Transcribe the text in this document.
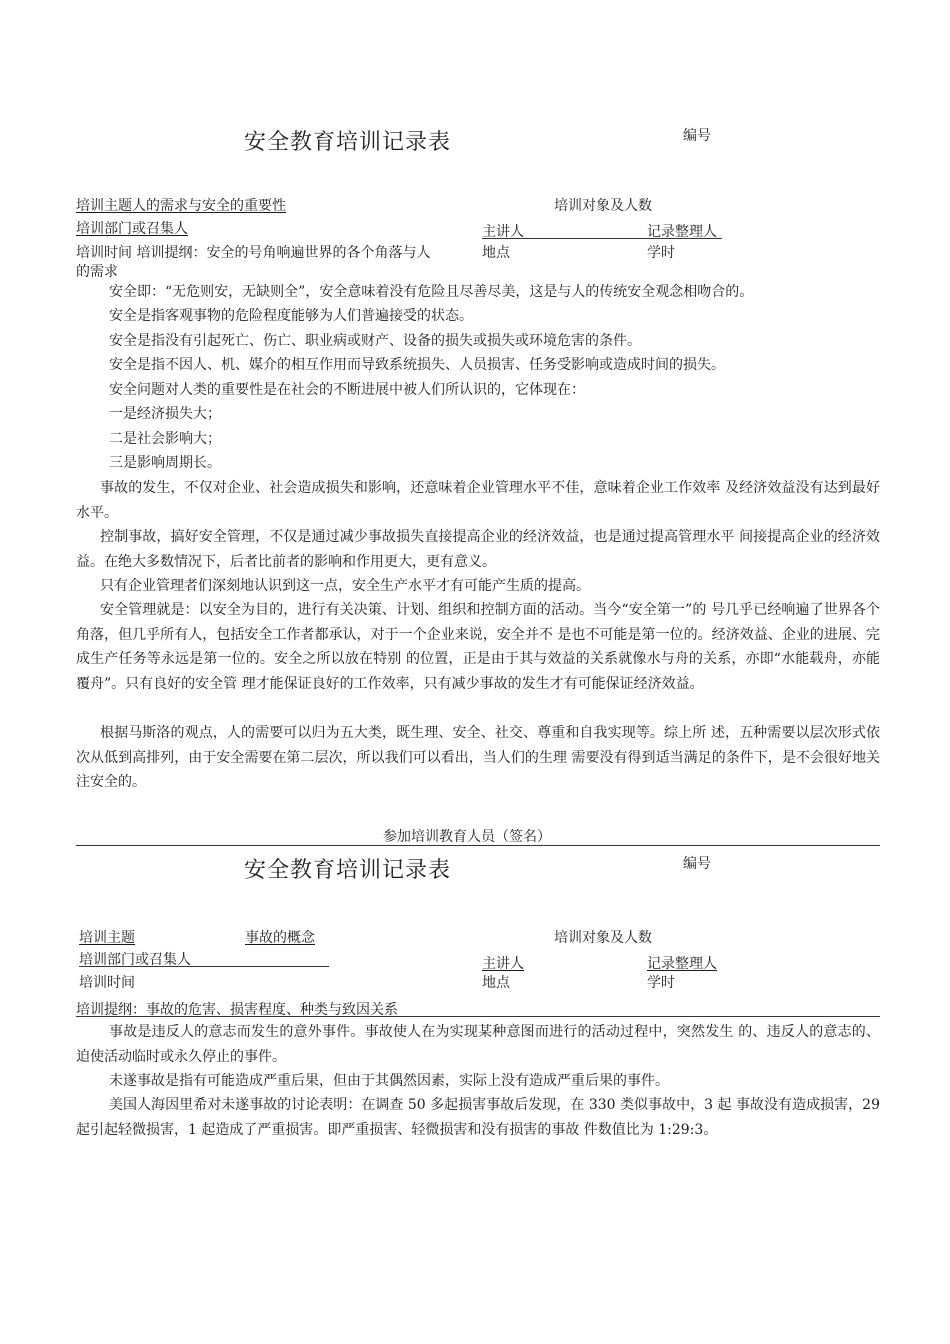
安全教育培训记录表	编号
培训主题人的需求与安全的重要性	培训对象及人数
培训部门或召集人	主讲人	记录整理人
培训时间 培训提纲：安全的号角响遍世界的各个角落与人	地点	学时
的需求
安全即：“无危则安，无缺则全”，安全意味着没有危险且尽善尽美，这是与人的传统安全观念相吻合的。
安全是指客观事物的危险程度能够为人们普遍接受的状态。
安全是指没有引起死亡、伤亡、职业病或财产、设备的损失或损失或环境危害的条件。
安全是指不因人、机、媒介的相互作用而导致系统损失、人员损害、任务受影响或造成时间的损失。
安全问题对人类的重要性是在社会的不断进展中被人们所认识的，它体现在：
一是经济损失大；
二是社会影响大；
三是影响周期长。
事故的发生，不仅对企业、社会造成损失和影响，还意味着企业管理水平不佳，意味着企业工作效率 及经济效益没有达到最好水平。
控制事故，搞好安全管理，不仅是通过减少事故损失直接提高企业的经济效益，也是通过提高管理水平 间接提高企业的经济效益。在绝大多数情况下，后者比前者的影响和作用更大，更有意义。
只有企业管理者们深刻地认识到这一点，安全生产水平才有可能产生质的提高。
安全管理就是：以安全为目的，进行有关决策、计划、组织和控制方面的活动。当今“安全第一”的 号几乎已经响遍了世界各个角落，但几乎所有人，包括安全工作者都承认，对于一个企业来说，安全并不 是也不可能是第一位的。经济效益、企业的进展、完成生产任务等永远是第一位的。安全之所以放在特别 的位置，正是由于其与效益的关系就像水与舟的关系，亦即“水能载舟，亦能覆舟”。只有良好的安全管 理才能保证良好的工作效率，只有减少事故的发生才有可能保证经济效益。
根据马斯洛的观点，人的需要可以归为五大类，既生理、安全、社交、尊重和自我实现等。综上所 述，五种需要以层次形式依次从低到高排列，由于安全需要在第二层次，所以我们可以看出，当人们的生理 需要没有得到适当满足的条件下，是不会很好地关注安全的。
参加培训教育人员（签名）
安全教育培训记录表	编号
培训主题	事故的概念	培训对象及人数
培训部门或召集人	主讲人	记录整理人
培训时间	地点	学时
培训提纲：事故的危害、损害程度、种类与致因关系
事故是违反人的意志而发生的意外事件。事故使人在为实现某种意图而进行的活动过程中，突然发生 的、违反人的意志的、迫使活动临时或永久停止的事件。
未遂事故是指有可能造成严重后果，但由于其偶然因素，实际上没有造成严重后果的事件。
美国人海因里希对未遂事故的讨论表明：在调查 50 多起损害事故后发现，在 330 类似事故中，3 起 事故没有造成损害，29 起引起轻微损害，1 起造成了严重损害。即严重损害、轻微损害和没有损害的事故 件数值比为 1:29:3。
